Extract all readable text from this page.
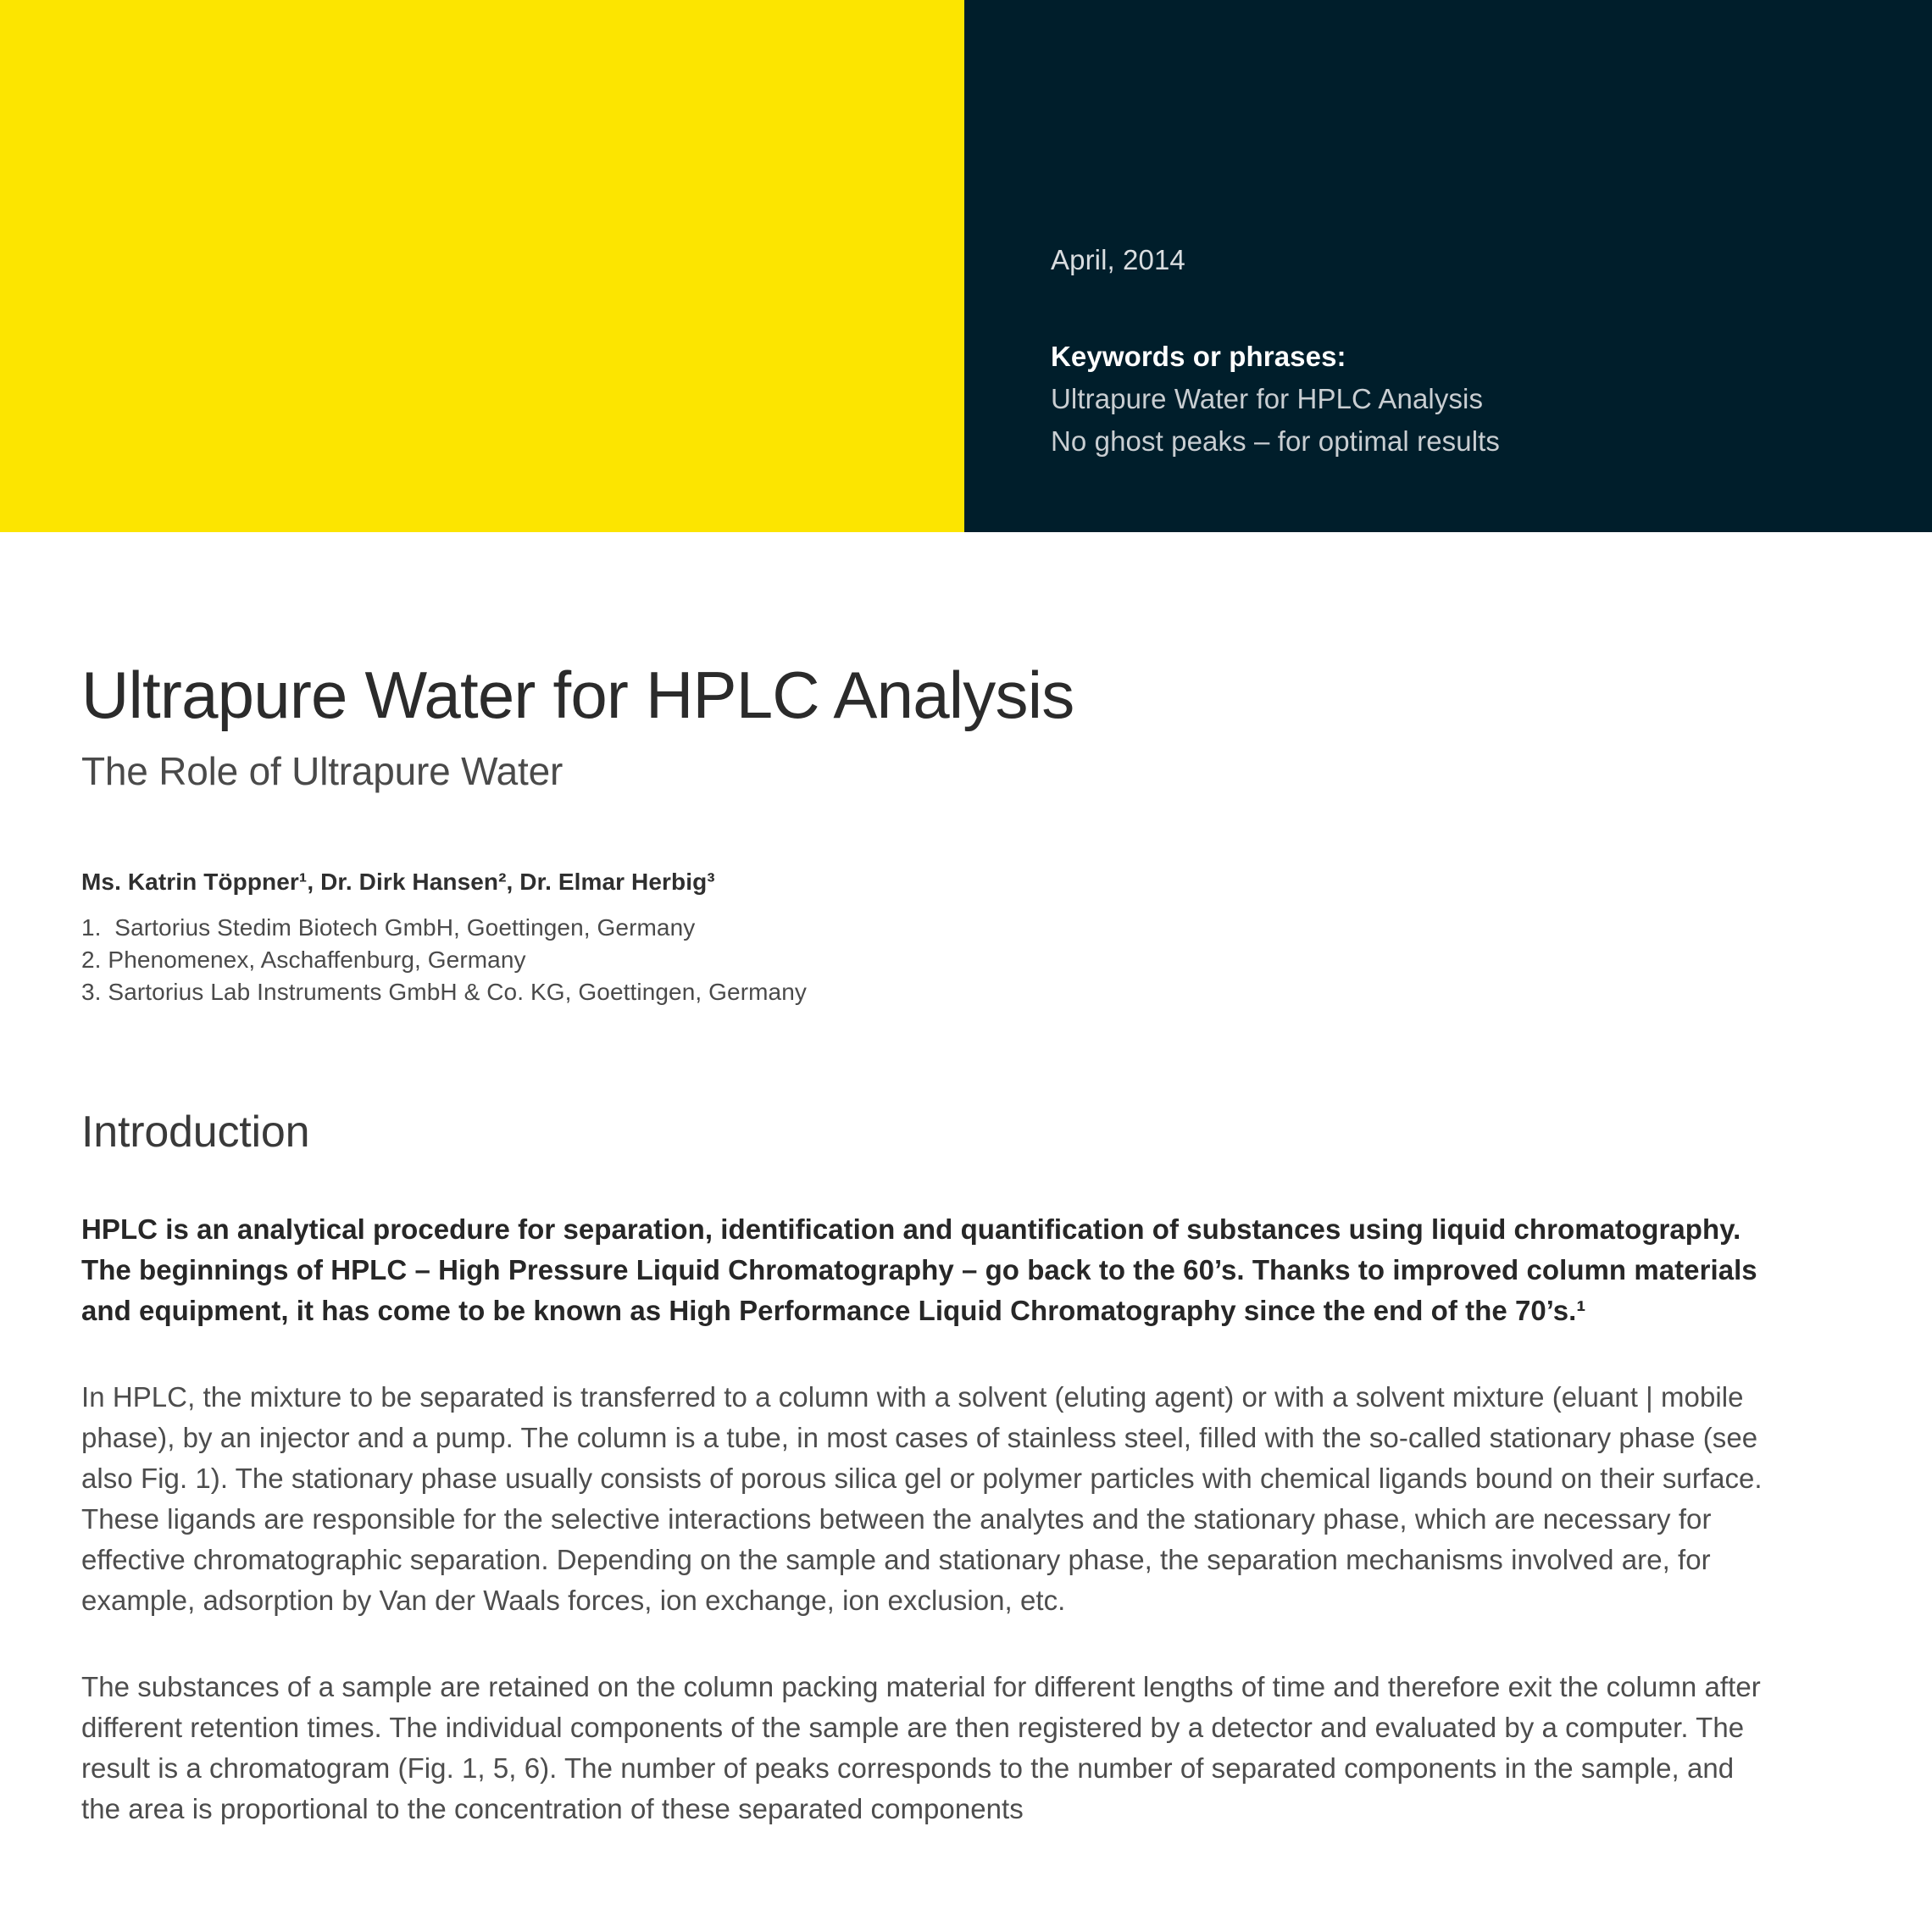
April, 2014
Keywords or phrases:
Ultrapure Water for HPLC Analysis
No ghost peaks – for optimal results
Ultrapure Water for HPLC Analysis
The Role of Ultrapure Water

Ms. Katrin Töppner¹, Dr. Dirk Hansen², Dr. Elmar Herbig³

1.  Sartorius Stedim Biotech GmbH, Goettingen, Germany
2. Phenomenex, Aschaffenburg, Germany
3. Sartorius Lab Instruments GmbH & Co. KG, Goettingen, Germany
Introduction

HPLC is an analytical procedure for separation, identification and quantification of substances using liquid chromatography. The beginnings of HPLC – High Pressure Liquid Chromatography – go back to the 60’s. Thanks to improved column materials and equipment, it has come to be known as High Performance Liquid Chromatography since the end of the 70’s.¹

In HPLC, the mixture to be separated is transferred to a column with a solvent (eluting agent) or with a solvent mixture (eluant | mobile phase), by an injector and a pump. The column is a tube, in most cases of stainless steel, filled with the so-called stationary phase (see also Fig. 1). The stationary phase usually consists of porous silica gel or polymer particles with chemical ligands bound on their surface. These ligands are responsible for the selective interactions between the analytes and the stationary phase, which are necessary for effective chromatographic separation. Depending on the sample and stationary phase, the separation mechanisms involved are, for example, adsorption by Van der Waals forces, ion exchange, ion exclusion, etc.

The substances of a sample are retained on the column packing material for different lengths of time and therefore exit the column after different retention times. The individual components of the sample are then registered by a detector and evaluated by a computer. The result is a chromatogram (Fig. 1, 5, 6). The number of peaks corresponds to the number of separated components in the sample, and the area is proportional to the concentration of these separated components
